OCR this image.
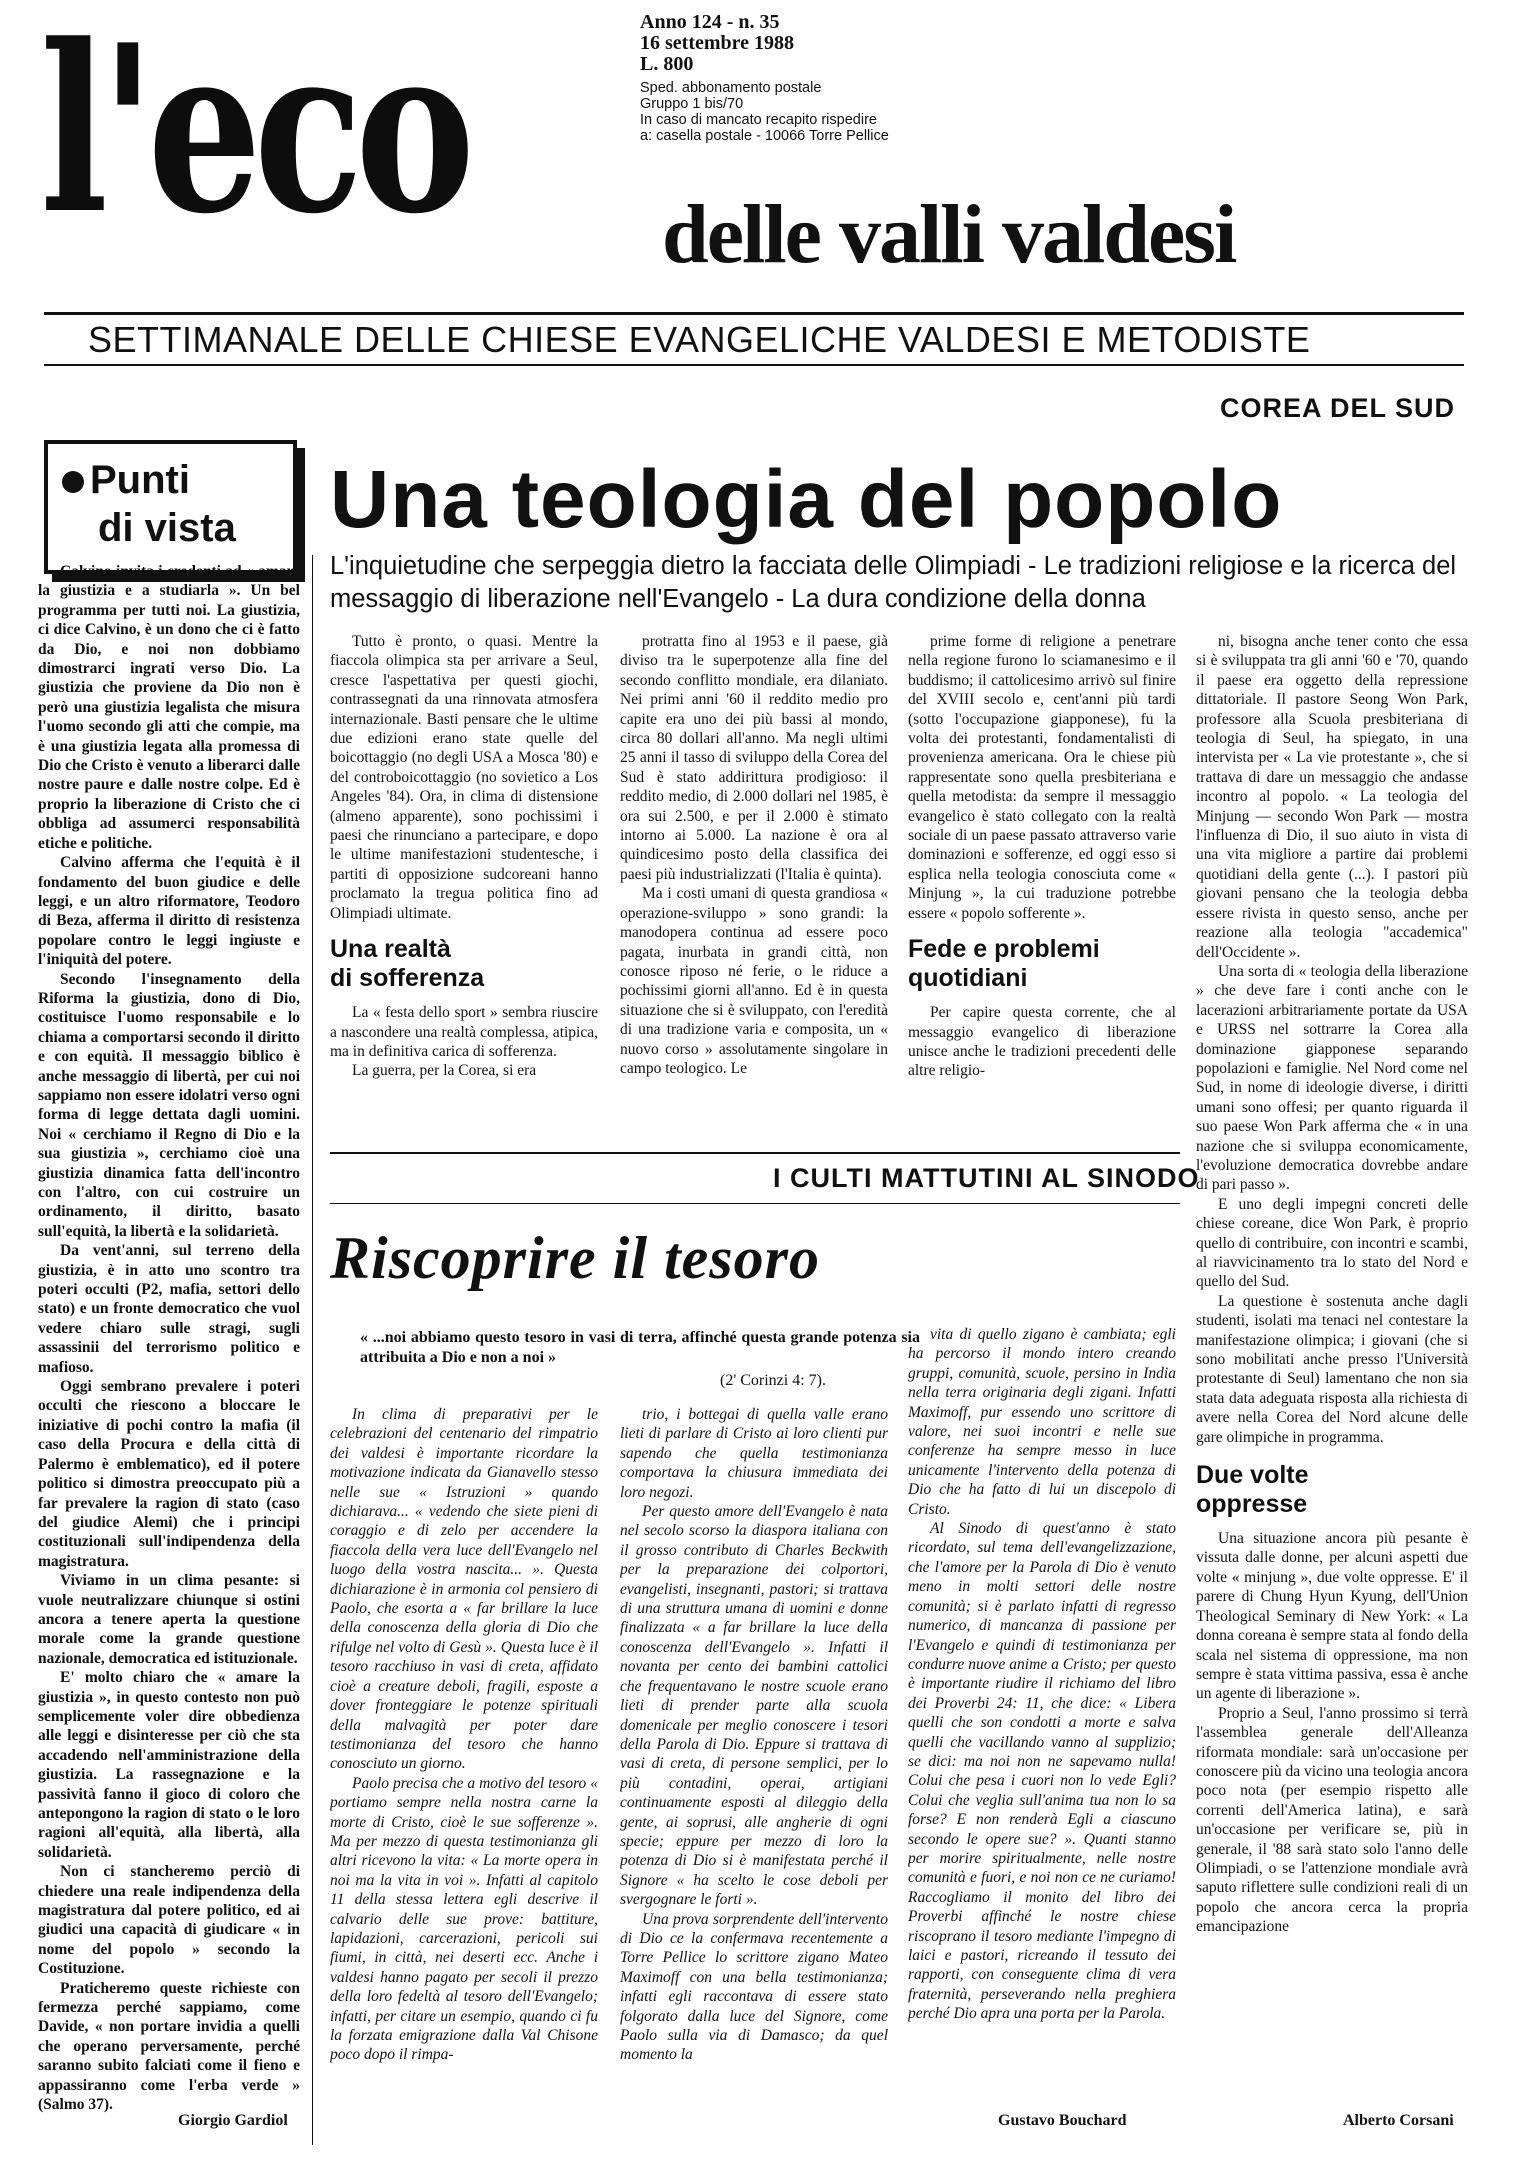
l'eco	Anno 124 - n. 35
16 settembre 1988
L. 800
Sped. abbonamento postale
Gruppo 1 bis/70
In caso di mancato recapito rispedire
a: casella postale - 10066 Torre Pellice
delle valli valdesi
SETTIMANALE DELLE CHIESE EVANGELICHE VALDESI E METODISTE
Punti
di vista
COREA DEL SUD
Una teologia del popolo
L'inquietudine che serpeggia dietro la facciata delle Olimpiadi - Le tradizioni religiose e la ricerca del messaggio di liberazione nell'Evangelo - La dura condizione della donna

Calvino invita i credenti ad « amare la giustizia e a studiarla ». Un bel programma per tutti noi. La giustizia, ci dice Calvino, è un dono che ci è fatto da Dio, e noi non dobbiamo dimostrarci ingrati verso Dio. La giustizia che proviene da Dio non è però una giustizia legalista che misura l'uomo secondo gli atti che compie, ma è una giustizia legata alla promessa di Dio che Cristo è venuto a liberarci dalle nostre paure e dalle nostre colpe. Ed è proprio la liberazione di Cristo che ci obbliga ad assumerci responsabilità etiche e politiche.

Calvino afferma che l'equità è il fondamento del buon giudice e delle leggi, e un altro riformatore, Teodoro di Beza, afferma il diritto di resistenza popolare contro le leggi ingiuste e l'iniquità del potere.

Secondo l'insegnamento della Riforma la giustizia, dono di Dio, costituisce l'uomo responsabile e lo chiama a comportarsi secondo il diritto e con equità. Il messaggio biblico è anche messaggio di libertà, per cui noi sappiamo non essere idolatri verso ogni forma di legge dettata dagli uomini. Noi « cerchiamo il Regno di Dio e la sua giustizia », cerchiamo cioè una giustizia dinamica fatta dell'incontro con l'altro, con cui costruire un ordinamento, il diritto, basato sull'equità, la libertà e la solidarietà.

Da vent'anni, sul terreno della giustizia, è in atto uno scontro tra poteri occulti (P2, mafia, settori dello stato) e un fronte democratico che vuol vedere chiaro sulle stragi, sugli assassinii del terrorismo politico e mafioso.

Oggi sembrano prevalere i poteri occulti che riescono a bloccare le iniziative di pochi contro la mafia (il caso della Procura e della città di Palermo è emblematico), ed il potere politico si dimostra preoccupato più a far prevalere la ragion di stato (caso del giudice Alemi) che i principi costituzionali sull'indipendenza della magistratura.

Viviamo in un clima pesante: si vuole neutralizzare chiunque si ostini ancora a tenere aperta la questione morale come la grande questione nazionale, democratica ed istituzionale.

E' molto chiaro che « amare la giustizia », in questo contesto non può semplicemente voler dire obbedienza alle leggi e disinteresse per ciò che sta accadendo nell'amministrazione della giustizia. La rassegnazione e la passività fanno il gioco di coloro che antepongono la ragion di stato o le loro ragioni all'equità, alla libertà, alla solidarietà.

Non ci stancheremo perciò di chiedere una reale indipendenza della magistratura dal potere politico, ed ai giudici una capacità di giudicare « in nome del popolo » secondo la Costituzione.

Praticheremo queste richieste con fermezza perché sappiamo, come Davide, « non portare invidia a quelli che operano perversamente, perché saranno subito falciati come il fieno e appassiranno come l'erba verde » (Salmo 37).

Giorgio Gardiol

Tutto è pronto, o quasi. Mentre la fiaccola olimpica sta per arrivare a Seul, cresce l'aspettativa per questi giochi, contrassegnati da una rinnovata atmosfera internazionale. Basti pensare che le ultime due edizioni erano state quelle del boicottaggio (no degli USA a Mosca '80) e del controboicottaggio (no sovietico a Los Angeles '84). Ora, in clima di distensione (almeno apparente), sono pochissimi i paesi che rinunciano a partecipare, e dopo le ultime manifestazioni studentesche, i partiti di opposizione sudcoreani hanno proclamato la tregua politica fino ad Olimpiadi ultimate.

Una realtà
di sofferenza

La « festa dello sport » sembra riuscire a nascondere una realtà complessa, atipica, ma in definitiva carica di sofferenza.

La guerra, per la Corea, si era

protratta fino al 1953 e il paese, già diviso tra le superpotenze alla fine del secondo conflitto mondiale, era dilaniato. Nei primi anni '60 il reddito medio pro capite era uno dei più bassi al mondo, circa 80 dollari all'anno. Ma negli ultimi 25 anni il tasso di sviluppo della Corea del Sud è stato addirittura prodigioso: il reddito medio, di 2.000 dollari nel 1985, è ora sui 2.500, e per il 2.000 è stimato intorno ai 5.000. La nazione è ora al quindicesimo posto della classifica dei paesi più industrializzati (l'Italia è quinta).

Ma i costi umani di questa grandiosa « operazione-sviluppo » sono grandi: la manodopera continua ad essere poco pagata, inurbata in grandi città, non conosce riposo né ferie, o le riduce a pochissimi giorni all'anno. Ed è in questa situazione che si è sviluppato, con l'eredità di una tradizione varia e composita, un « nuovo corso » assolutamente singolare in campo teologico. Le

prime forme di religione a penetrare nella regione furono lo sciamanesimo e il buddismo; il cattolicesimo arrivò sul finire del XVIII secolo e, cent'anni più tardi (sotto l'occupazione giapponese), fu la volta dei protestanti, fondamentalisti di provenienza americana. Ora le chiese più rappresentate sono quella presbiteriana e quella metodista: da sempre il messaggio evangelico è stato collegato con la realtà sociale di un paese passato attraverso varie dominazioni e sofferenze, ed oggi esso si esplica nella teologia conosciuta come « Minjung », la cui traduzione potrebbe essere « popolo sofferente ».

Fede e problemi
quotidiani

Per capire questa corrente, che al messaggio evangelico di liberazione unisce anche le tradizioni precedenti delle altre religio-

ni, bisogna anche tener conto che essa si è sviluppata tra gli anni '60 e '70, quando il paese era oggetto della repressione dittatoriale. Il pastore Seong Won Park, professore alla Scuola presbiteriana di teologia di Seul, ha spiegato, in una intervista per « La vie protestante », che si trattava di dare un messaggio che andasse incontro al popolo. « La teologia del Minjung — secondo Won Park — mostra l'influenza di Dio, il suo aiuto in vista di una vita migliore a partire dai problemi quotidiani della gente (...). I pastori più giovani pensano che la teologia debba essere rivista in questo senso, anche per reazione alla teologia "accademica" dell'Occidente ».

Una sorta di « teologia della liberazione » che deve fare i conti anche con le lacerazioni arbitrariamente portate da USA e URSS nel sottrarre la Corea alla dominazione giapponese separando popolazioni e famiglie. Nel Nord come nel Sud, in nome di ideologie diverse, i diritti umani sono offesi; per quanto riguarda il suo paese Won Park afferma che « in una nazione che si sviluppa economicamente, l'evoluzione democratica dovrebbe andare di pari passo ».

E uno degli impegni concreti delle chiese coreane, dice Won Park, è proprio quello di contribuire, con incontri e scambi, al riavvicinamento tra lo stato del Nord e quello del Sud.

La questione è sostenuta anche dagli studenti, isolati ma tenaci nel contestare la manifestazione olimpica; i giovani (che si sono mobilitati anche presso l'Università protestante di Seul) lamentano che non sia stata data adeguata risposta alla richiesta di avere nella Corea del Nord alcune delle gare olimpiche in programma.

Due volte
oppresse

Una situazione ancora più pesante è vissuta dalle donne, per alcuni aspetti due volte « minjung », due volte oppresse. E' il parere di Chung Hyun Kyung, dell'Union Theological Seminary di New York: « La donna coreana è sempre stata al fondo della scala nel sistema di oppressione, ma non sempre è stata vittima passiva, essa è anche un agente di liberazione ».

Proprio a Seul, l'anno prossimo si terrà l'assemblea generale dell'Alleanza riformata mondiale: sarà un'occasione per conoscere più da vicino una teologia ancora poco nota (per esempio rispetto alle correnti dell'America latina), e sarà un'occasione per verificare se, più in generale, il '88 sarà stato solo l'anno delle Olimpiadi, o se l'attenzione mondiale avrà saputo riflettere sulle condizioni reali di un popolo che ancora cerca la propria emancipazione

Alberto Corsani
I CULTI MATTUTINI AL SINODO
Riscoprire il tesoro
« ...noi abbiamo questo tesoro in vasi di terra, affinché questa grande potenza sia attribuita a Dio e non a noi »
(2' Corinzi 4: 7).

In clima di preparativi per le celebrazioni del centenario del rimpatrio dei valdesi è importante ricordare la motivazione indicata da Gianavello stesso nelle sue « Istruzioni » quando dichiarava... « vedendo che siete pieni di coraggio e di zelo per accendere la fiaccola della vera luce dell'Evangelo nel luogo della vostra nascita... ». Questa dichiarazione è in armonia col pensiero di Paolo, che esorta a « far brillare la luce della conoscenza della gloria di Dio che rifulge nel volto di Gesù ». Questa luce è il tesoro racchiuso in vasi di creta, affidato cioè a creature deboli, fragili, esposte a dover fronteggiare le potenze spirituali della malvagità per poter dare testimonianza del tesoro che hanno conosciuto un giorno.

Paolo precisa che a motivo del tesoro « portiamo sempre nella nostra carne la morte di Cristo, cioè le sue sofferenze ». Ma per mezzo di questa testimonianza gli altri ricevono la vita: « La morte opera in noi ma la vita in voi ». Infatti al capitolo 11 della stessa lettera egli descrive il calvario delle sue prove: battiture, lapidazioni, carcerazioni, pericoli sui fiumi, in città, nei deserti ecc. Anche i valdesi hanno pagato per secoli il prezzo della loro fedeltà al tesoro dell'Evangelo; infatti, per citare un esempio, quando ci fu la forzata emigrazione dalla Val Chisone poco dopo il rimpa-

trio, i bottegai di quella valle erano lieti di parlare di Cristo ai loro clienti pur sapendo che quella testimonianza comportava la chiusura immediata dei loro negozi.

Per questo amore dell'Evangelo è nata nel secolo scorso la diaspora italiana con il grosso contributo di Charles Beckwith per la preparazione dei colportori, evangelisti, insegnanti, pastori; si trattava di una struttura umana di uomini e donne finalizzata « a far brillare la luce della conoscenza dell'Evangelo ». Infatti il novanta per cento dei bambini cattolici che frequentavano le nostre scuole erano lieti di prender parte alla scuola domenicale per meglio conoscere i tesori della Parola di Dio. Eppure si trattava di vasi di creta, di persone semplici, per lo più contadini, operai, artigiani continuamente esposti al dileggio della gente, ai soprusi, alle angherie di ogni specie; eppure per mezzo di loro la potenza di Dio si è manifestata perché il Signore « ha scelto le cose deboli per svergognare le forti ».

Una prova sorprendente dell'intervento di Dio ce la confermava recentemente a Torre Pellice lo scrittore zigano Mateo Maximoff con una bella testimonianza; infatti egli raccontava di essere stato folgorato dalla luce del Signore, come Paolo sulla via di Damasco; da quel momento la

vita di quello zigano è cambiata; egli ha percorso il mondo intero creando gruppi, comunità, scuole, persino in India nella terra originaria degli zigani. Infatti Maximoff, pur essendo uno scrittore di valore, nei suoi incontri e nelle sue conferenze ha sempre messo in luce unicamente l'intervento della potenza di Dio che ha fatto di lui un discepolo di Cristo.

Al Sinodo di quest'anno è stato ricordato, sul tema dell'evangelizzazione, che l'amore per la Parola di Dio è venuto meno in molti settori delle nostre comunità; si è parlato infatti di regresso numerico, di mancanza di passione per l'Evangelo e quindi di testimonianza per condurre nuove anime a Cristo; per questo è importante riudire il richiamo del libro dei Proverbi 24: 11, che dice: « Libera quelli che son condotti a morte e salva quelli che vacillando vanno al supplizio; se dici: ma noi non ne sapevamo nulla! Colui che pesa i cuori non lo vede Egli? Colui che veglia sull'anima tua non lo sa forse? E non renderà Egli a ciascuno secondo le opere sue? ». Quanti stanno per morire spiritualmente, nelle nostre comunità e fuori, e noi non ce ne curiamo! Raccogliamo il monito del libro dei Proverbi affinché le nostre chiese riscoprano il tesoro mediante l'impegno di laici e pastori, ricreando il tessuto dei rapporti, con conseguente clima di vera fraternità, perseverando nella preghiera perché Dio apra una porta per la Parola.

Gustavo Bouchard
